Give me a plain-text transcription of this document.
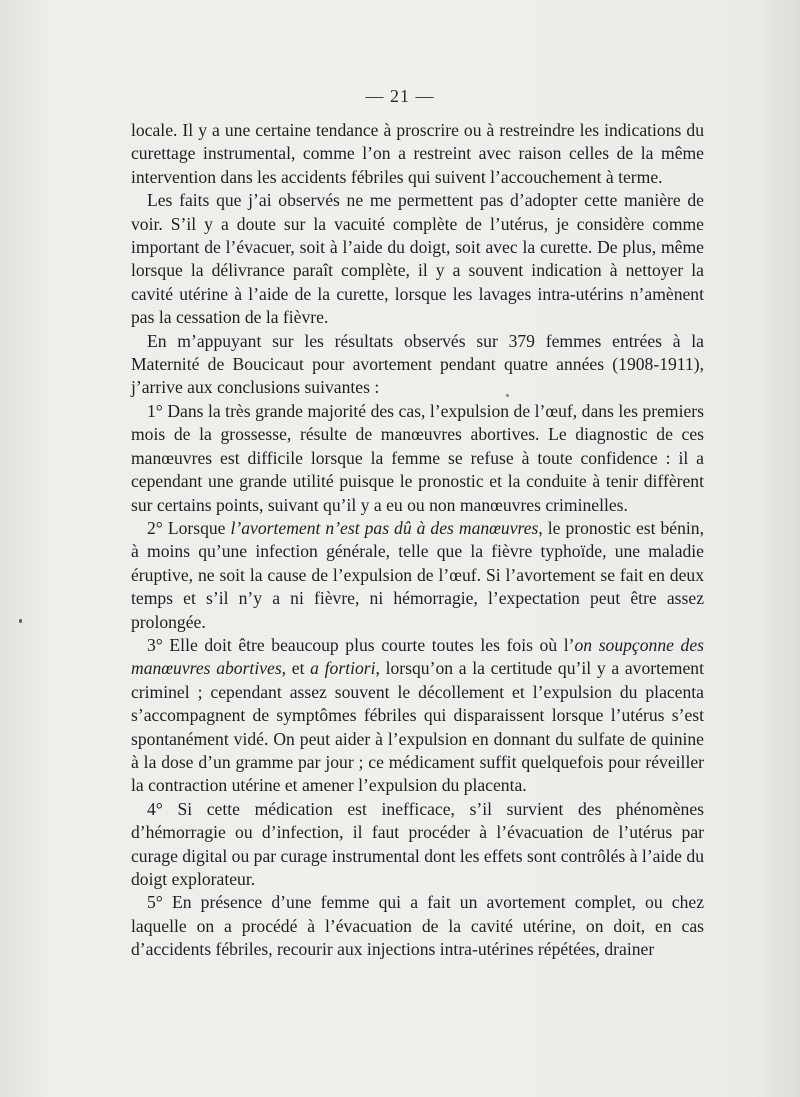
— 21 —

locale. Il y a une certaine tendance à proscrire ou à restreindre les indications du curettage instrumental, comme l’on a restreint avec raison celles de la même intervention dans les accidents fébriles qui suivent l’accouchement à terme.

Les faits que j’ai observés ne me permettent pas d’adopter cette manière de voir. S’il y a doute sur la vacuité complète de l’utérus, je considère comme important de l’évacuer, soit à l’aide du doigt, soit avec la curette. De plus, même lorsque la délivrance paraît complète, il y a souvent indication à nettoyer la cavité utérine à l’aide de la curette, lorsque les lavages intra-utérins n’amènent pas la cessation de la fièvre.

En m’appuyant sur les résultats observés sur 379 femmes entrées à la Maternité de Boucicaut pour avortement pendant quatre années (1908-1911), j’arrive aux conclusions suivantes :

1° Dans la très grande majorité des cas, l’expulsion de l’œuf, dans les premiers mois de la grossesse, résulte de manœuvres abortives. Le diagnostic de ces manœuvres est difficile lorsque la femme se refuse à toute confidence : il a cependant une grande utilité puisque le pronostic et la conduite à tenir diffèrent sur certains points, suivant qu’il y a eu ou non manœuvres criminelles.

2° Lorsque l’avortement n’est pas dû à des manœuvres, le pronostic est bénin, à moins qu’une infection générale, telle que la fièvre typhoïde, une maladie éruptive, ne soit la cause de l’expulsion de l’œuf. Si l’avortement se fait en deux temps et s’il n’y a ni fièvre, ni hémorragie, l’expectation peut être assez prolongée.

3° Elle doit être beaucoup plus courte toutes les fois où l’on soupçonne des manœuvres abortives, et a fortiori, lorsqu’on a la certitude qu’il y a avortement criminel ; cependant assez souvent le décollement et l’expulsion du placenta s’accompagnent de symptômes fébriles qui disparaissent lorsque l’utérus s’est spontanément vidé. On peut aider à l’expulsion en donnant du sulfate de quinine à la dose d’un gramme par jour ; ce médicament suffit quelquefois pour réveiller la contraction utérine et amener l’expulsion du placenta.

4° Si cette médication est inefficace, s’il survient des phénomènes d’hémorragie ou d’infection, il faut procéder à l’évacuation de l’utérus par curage digital ou par curage instrumental dont les effets sont contrôlés à l’aide du doigt explorateur.

5° En présence d’une femme qui a fait un avortement complet, ou chez laquelle on a procédé à l’évacuation de la cavité utérine, on doit, en cas d’accidents fébriles, recourir aux injections intra-utérines répétées, drainer
